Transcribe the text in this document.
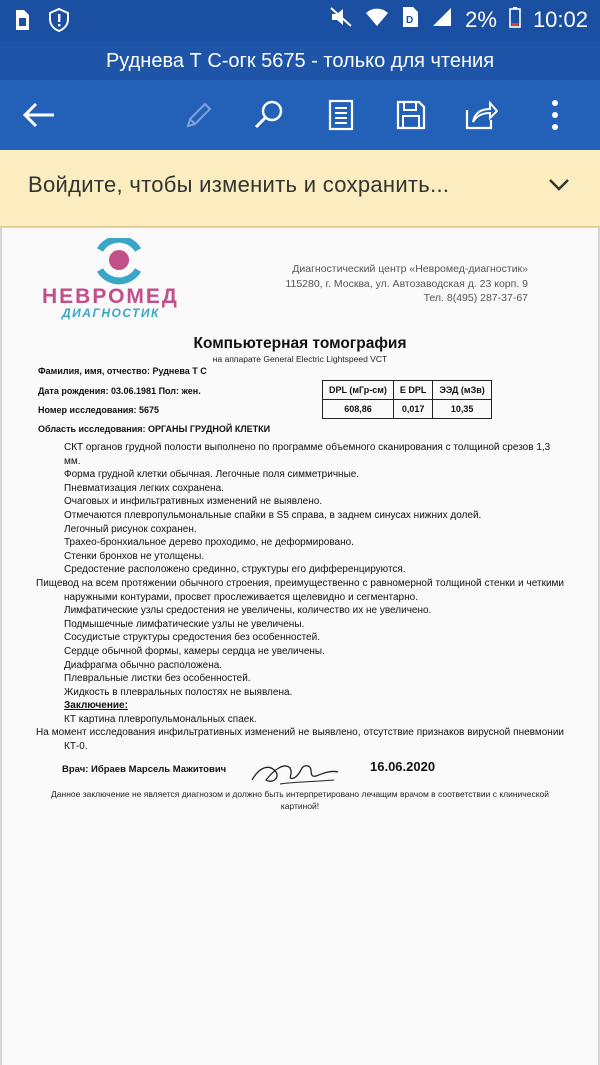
D 2% 10:02
Руднева Т С-огк 5675 - только для чтения
Войдите, чтобы изменить и сохранить...
НЕВРОМЕД
ДИАГНОСТИК
Диагностический центр «Невромед-диагностик»
115280, г. Москва, ул. Автозаводская д. 23 корп. 9
Тел. 8(495) 287-37-67
Компьютерная томография
на аппарате General Electric Lightspeed VCT
Фамилия, имя, отчество: Руднева Т С
Дата рождения: 03.06.1981 Пол: жен.
Номер исследования: 5675
Область исследования: ОРГАНЫ ГРУДНОЙ КЛЕТКИ
DPL (мГр-см)	E DPL	ЭЭД (мЗв)
608,86	0,017	10,35

СКТ органов грудной полости выполнено по программе объемного сканирования с толщиной срезов 1,3 мм.

Форма грудной клетки обычная. Легочные поля симметричные.

Пневматизация легких сохранена.

Очаговых и инфильтративных изменений не выявлено.

Отмечаются плевропульмональные спайки в S5 справа, в заднем синусах нижних долей.

Легочный рисунок сохранен.

Трахео-бронхиальное дерево проходимо, не деформировано.

Стенки бронхов не утолщены.

Средостение расположено срединно, структуры его дифференцируются.

Пищевод на всем протяжении обычного строения, преимущественно с равномерной толщиной стенки и четкими наружными контурами, просвет прослеживается щелевидно и сегментарно.

Лимфатические узлы средостения не увеличены, количество их не увеличено.

Подмышечные лимфатические узлы не увеличены.

Сосудистые структуры средостения без особенностей.

Сердце обычной формы, камеры сердца не увеличены.

Диафрагма обычно расположена.

Плевральные листки без особенностей.

Жидкость в плевральных полостях не выявлена.

Заключение:

КТ картина плевропульмональных спаек.

На момент исследования инфильтративных изменений не выявлено, отсутствие признаков вирусной пневмонии КТ-0.

Врач: Ибраев Марсель Мажитович	16.06.2020
Данное заключение не является диагнозом и должно быть интерпретировано лечащим врачом в соответствии с клинической картиной!
